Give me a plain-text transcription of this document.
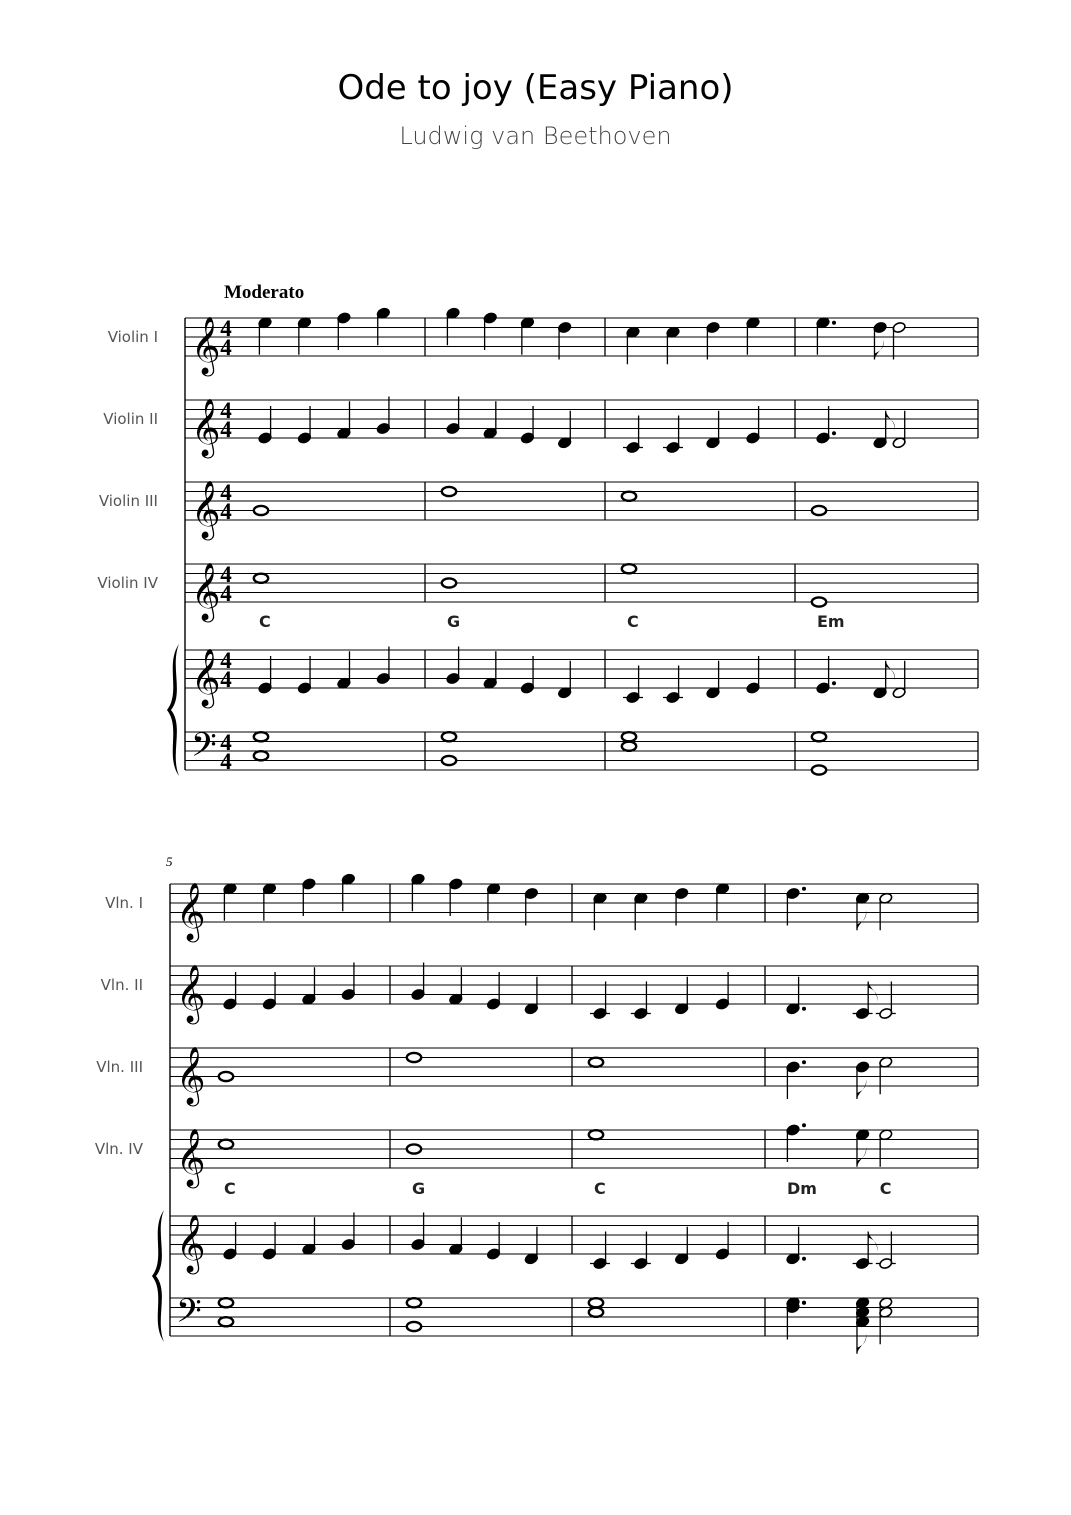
Ode to joy (Easy Piano)
Ludwig van Beethoven
Moderato
𝄞 4
4
Violin I
𝄞 4
4
Violin II
𝄞 4
4
Violin III
𝄞 4
4
Violin IV
𝄞 4
4
𝄢 4
4
C	G	C	Em
5
𝄞
Vln. I
𝄞
Vln. II
𝄞
Vln. III
𝄞
Vln. IV
𝄞
𝄢
C	G	C	Dm	C
